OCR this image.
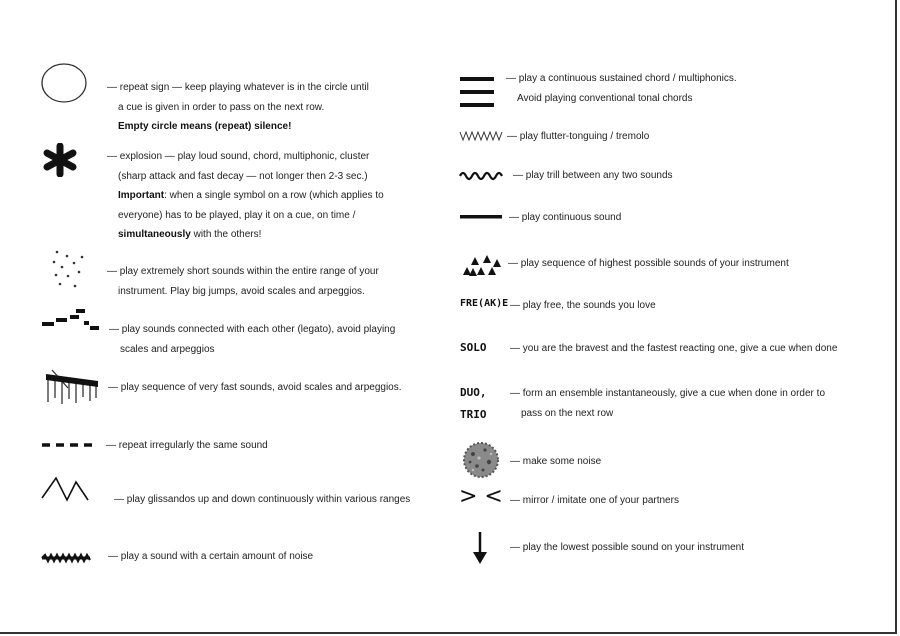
— repeat sign — keep playing whatever is in the circle until
a cue is given in order to pass on the next row.
Empty circle means (repeat) silence!
— explosion — play loud sound, chord, multiphonic, cluster
(sharp attack and fast decay — not longer then 2-3 sec.)
Important: when a single symbol on a row (which applies to
everyone) has to be played, play it on a cue, on time /
simultaneously with the others!
— play extremely short sounds within the entire range of your
instrument. Play big jumps, avoid scales and arpeggios.
— play sounds connected with each other (legato), avoid playing
scales and arpeggios
— play sequence of very fast sounds, avoid scales and arpeggios.
— repeat irregularly the same sound
— play glissandos up and down continuously within various ranges
— play a sound with a certain amount of noise
— play a continuous sustained chord / multiphonics.
Avoid playing conventional tonal chords
— play flutter-tonguing / tremolo
— play trill between any two sounds
— play continuous sound
— play sequence of highest possible sounds of your instrument
FRE(AK)E — play free, the sounds you love
SOLO — you are the bravest and the fastest reacting one, give a cue when done
DUO,
TRIO
— form an ensemble instantaneously, give a cue when done in order to
pass on the next row
— make some noise
> < — mirror / imitate one of your partners
— play the lowest possible sound on your instrument
